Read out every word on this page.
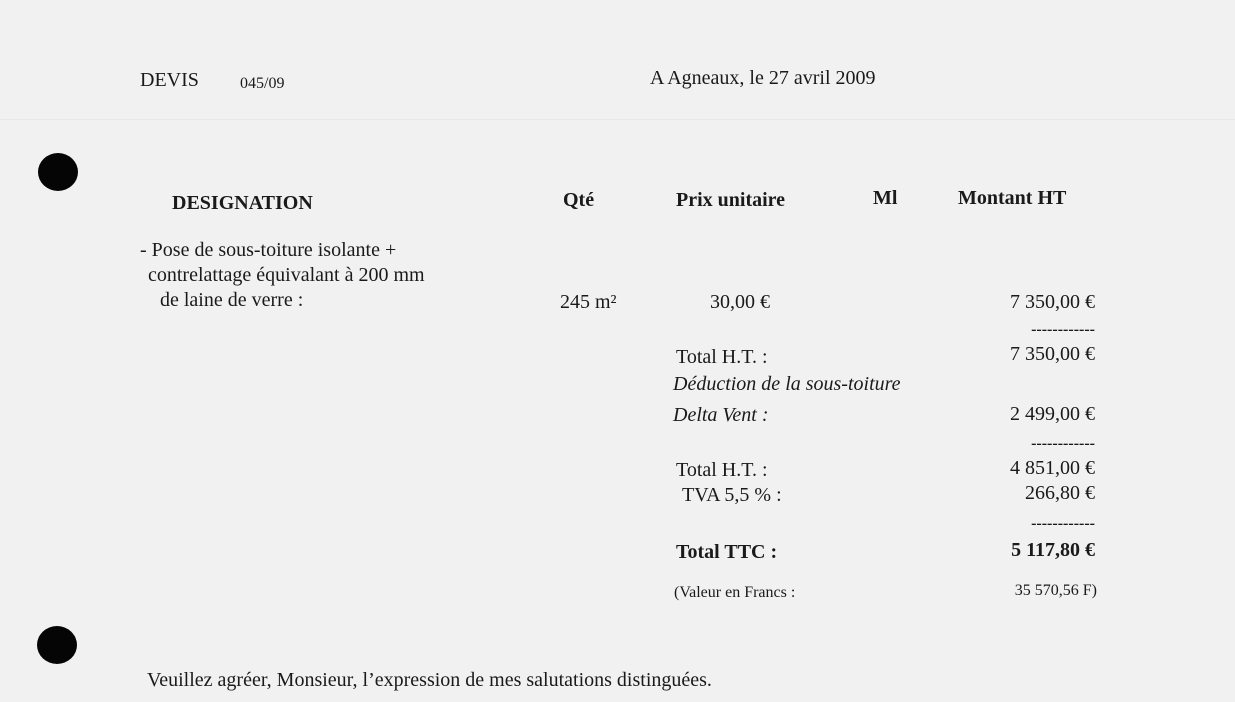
DEVIS	045/09	A Agneaux, le 27 avril 2009
DESIGNATION	Qté	Prix unitaire	Ml	Montant HT
- Pose de sous-toiture isolante +
contrelattage équivalant à 200 mm
de laine de verre :	245 m²	30,00 €	7 350,00 €
------------
Total H.T. :	7 350,00 €
Déduction de la sous-toiture
Delta Vent :	2 499,00 €
------------
Total H.T. :	4 851,00 €
TVA 5,5 % :	266,80 €
------------
Total TTC :	5 117,80 €
(Valeur en Francs :	35 570,56 F)
Veuillez agréer, Monsieur, l’expression de mes salutations distinguées.
